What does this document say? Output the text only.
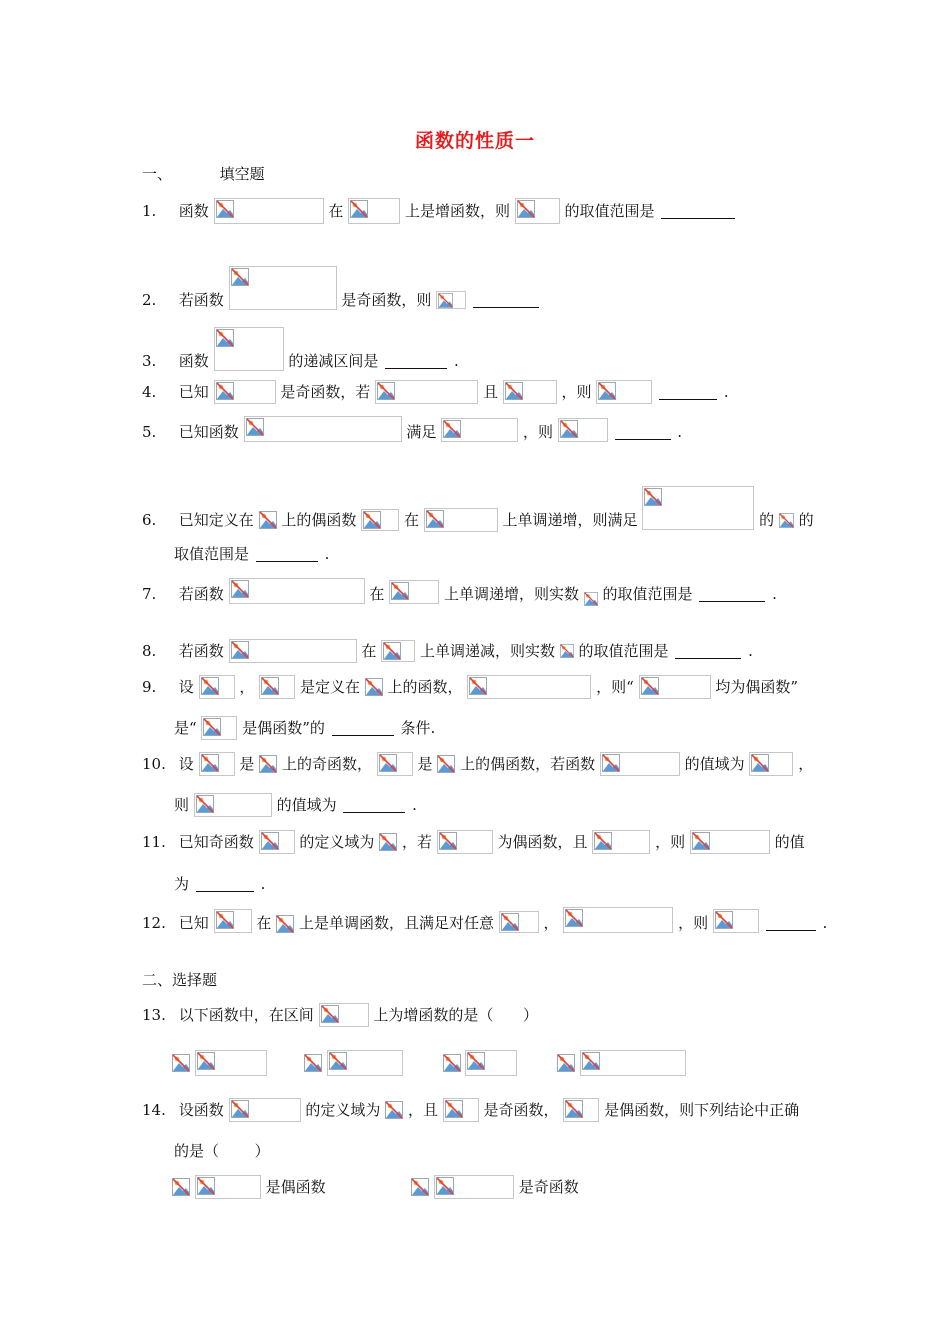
函数的性质一
一、          填空题
1. 函数	在	上是增函数，则	的取值范围是
2. 若函数	是奇函数，则

3. 函数	的递减区间是	.
4. 已知	是奇函数，若	且	，则	.
5. 已知函数	满足	，则	.
6. 已知定义在 上的偶函数	在	上单调递增，则满足	的 的
取值范围是	.
7. 若函数	在	上单调递增，则实数 的取值范围是	.
8. 若函数	在	上单调递减，则实数 的取值范围是	.
9. 设	，	是定义在 上的函数，	，则“	均为偶函数”
是“	是偶函数”的	条件.
10. 设	是 上的奇函数，	是 上的偶函数，若函数	的值域为	，
则	的值域为	.
11. 已知奇函数	的定义域为 ，若	为偶函数，且	，则	的值
为	.
12. 已知	在 上是单调函数，且满足对任意	，	，则	.
二、选择题
13. 以下函数中，在区间	上为增函数的是（ ）

14. 设函数	的定义域为 ，且	是奇函数，	是偶函数，则下列结论中正确
的是（ ）

是偶函数
	是奇函数
